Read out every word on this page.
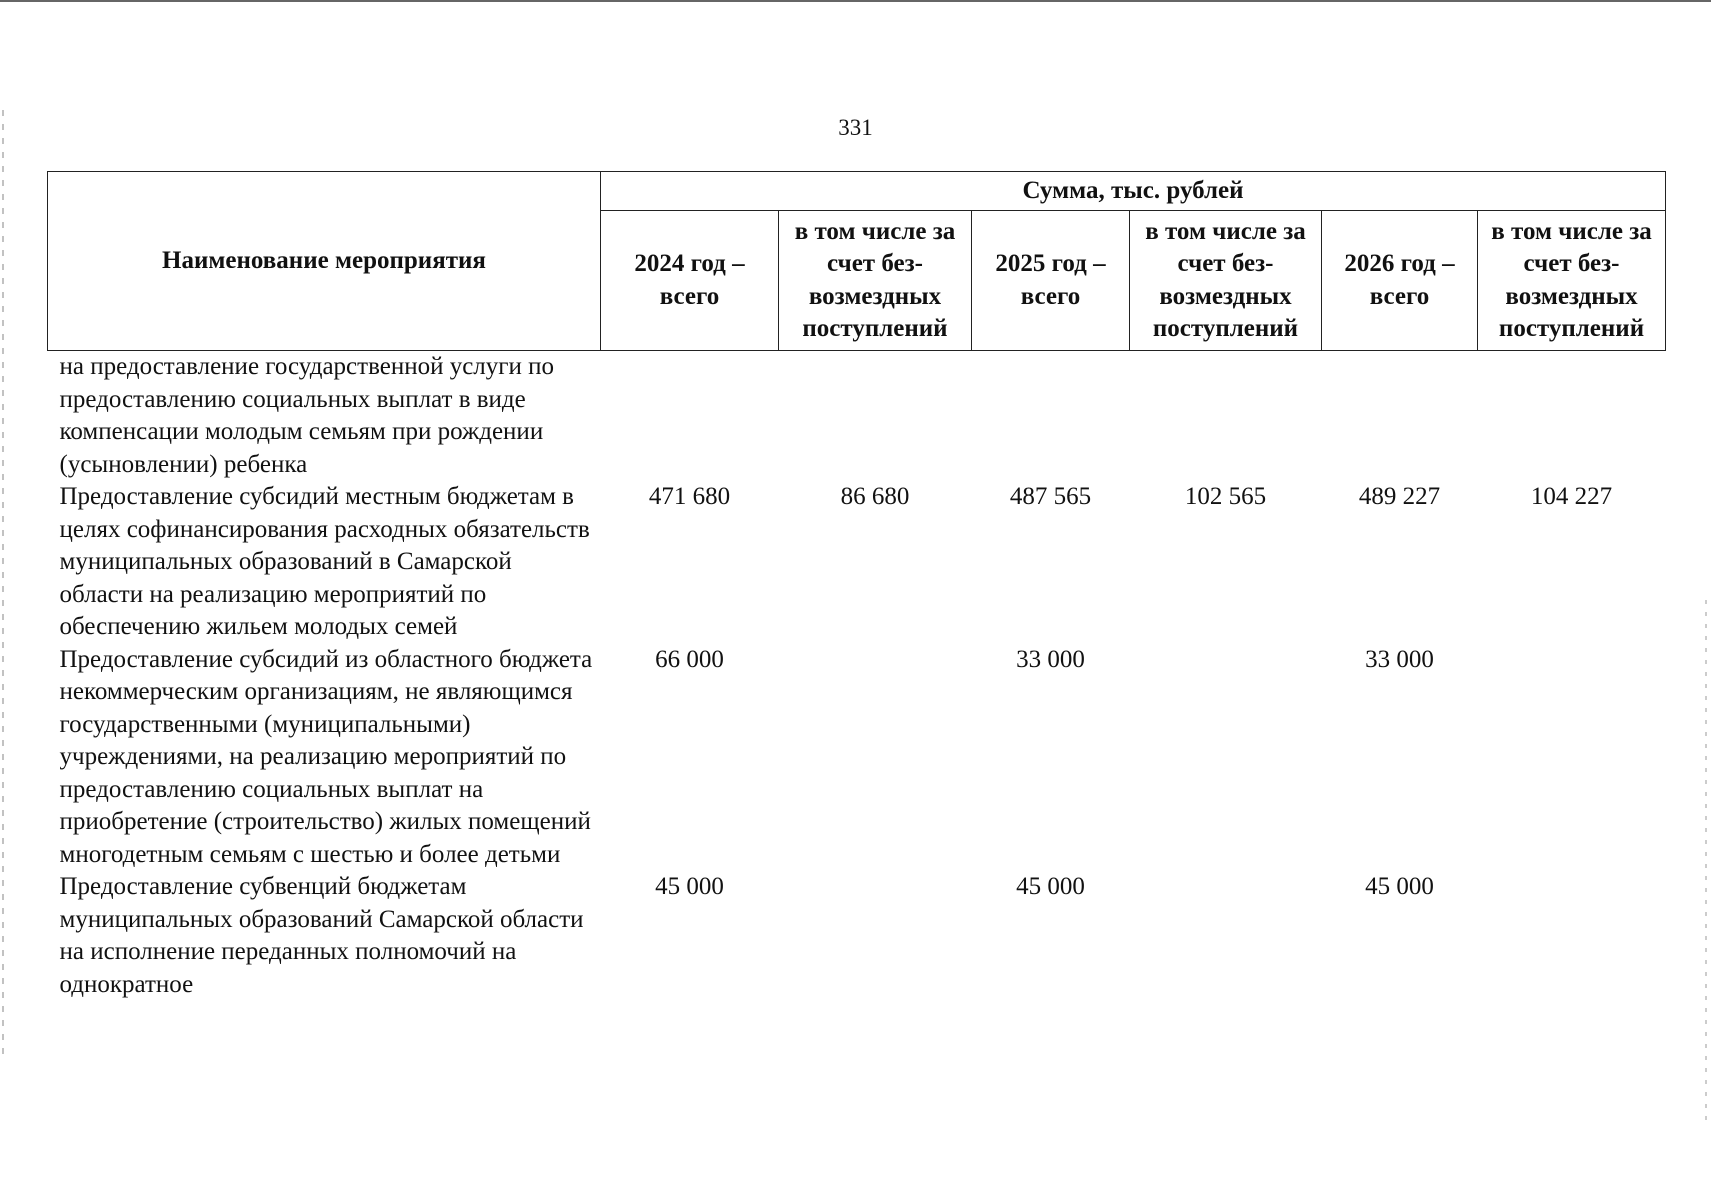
331
Наименование мероприятия	Сумма, тыс. рублей					
	2024 год – всего	в том числе за счет без-возмездных поступлений	2025 год – всего	в том числе за счет без-возмездных поступлений	2026 год – всего	в том числе за счет без-возмездных поступлений
на предоставление государственной услуги по предоставлению социальных выплат в виде компенсации молодым семьям при рождении (усыновлении) ребенка						
Предоставление субсидий местным бюджетам в целях софинансирования расходных обязательств муниципальных образований в Самарской области на реализацию мероприятий по обеспечению жильем молодых семей	471 680	86 680	487 565	102 565	489 227	104 227
Предоставление субсидий из областного бюджета некоммерческим организациям, не являющимся государственными (муниципальными) учреждениями, на реализацию мероприятий по предоставлению социальных выплат на приобретение (строительство) жилых помещений многодетным семьям с шестью и более детьми	66 000		33 000		33 000	
Предоставление субвенций бюджетам муниципальных образований Самарской области на исполнение переданных полномочий на однократное	45 000		45 000		45 000	
